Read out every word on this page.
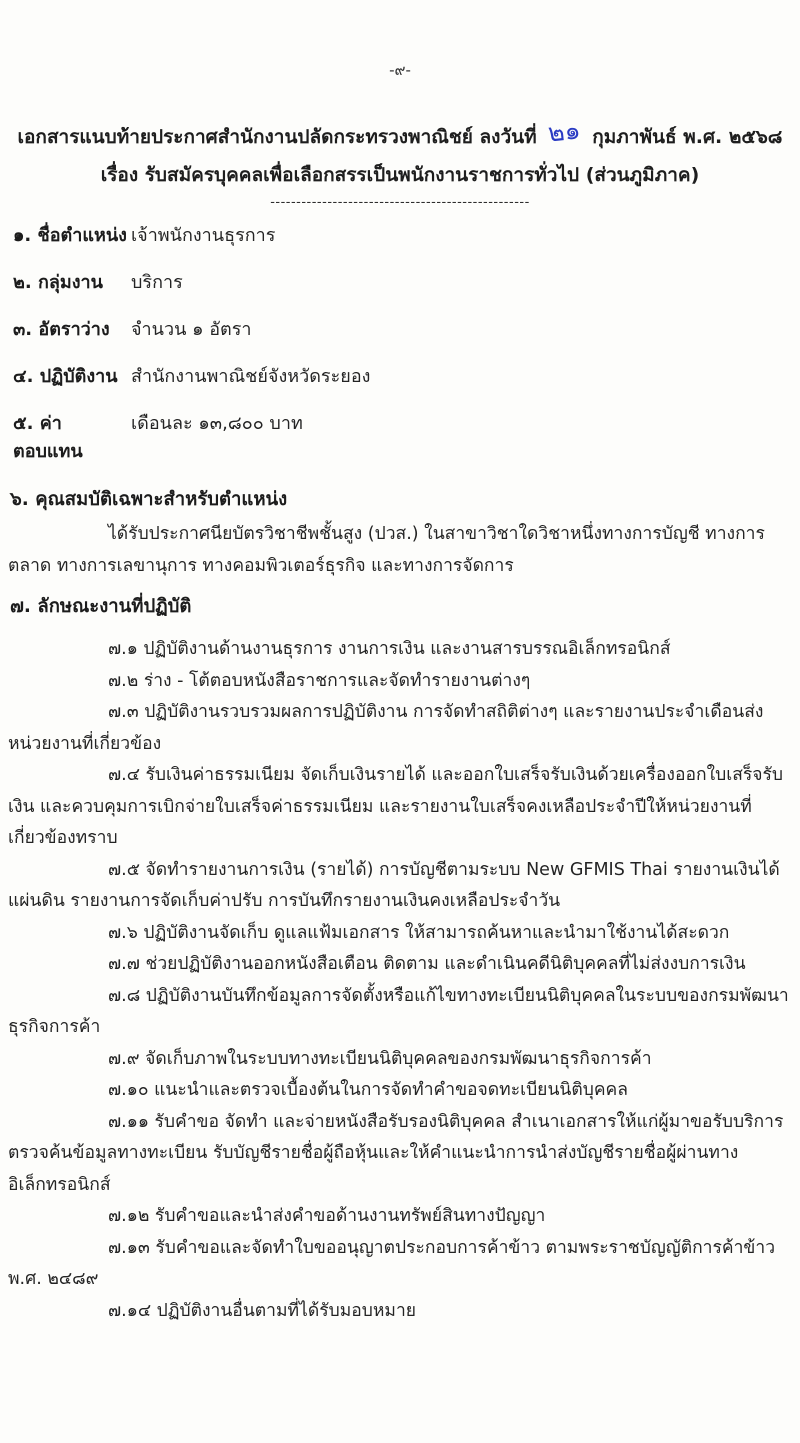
-๙-
เอกสารแนบท้ายประกาศสำนักงานปลัดกระทรวงพาณิชย์ ลงวันที่ ๒๑ กุมภาพันธ์ พ.ศ. ๒๕๖๘
เรื่อง รับสมัครบุคคลเพื่อเลือกสรรเป็นพนักงานราชการทั่วไป (ส่วนภูมิภาค)
--------------------------------------------------
๑. ชื่อตำแหน่ง เจ้าพนักงานธุรการ
๒. กลุ่มงาน	บริการ
๓. อัตราว่าง	จำนวน ๑ อัตรา
๔. ปฏิบัติงาน สำนักงานพาณิชย์จังหวัดระยอง
๕. ค่าตอบแทน
เดือนละ ๑๓,๘๐๐ บาท
๖. คุณสมบัติเฉพาะสำหรับตำแหน่ง

ได้รับประกาศนียบัตรวิชาชีพชั้นสูง (ปวส.) ในสาขาวิชาใดวิชาหนึ่งทางการบัญชี ทางการตลาด ทางการเลขานุการ ทางคอมพิวเตอร์ธุรกิจ และทางการจัดการ

๗. ลักษณะงานที่ปฏิบัติ

๗.๑ ปฏิบัติงานด้านงานธุรการ งานการเงิน และงานสารบรรณอิเล็กทรอนิกส์

๗.๒ ร่าง - โต้ตอบหนังสือราชการและจัดทำรายงานต่างๆ

๗.๓ ปฏิบัติงานรวบรวมผลการปฏิบัติงาน การจัดทำสถิติต่างๆ และรายงานประจำเดือนส่งหน่วยงานที่เกี่ยวข้อง

๗.๔ รับเงินค่าธรรมเนียม จัดเก็บเงินรายได้ และออกใบเสร็จรับเงินด้วยเครื่องออกใบเสร็จรับเงิน และควบคุมการเบิกจ่ายใบเสร็จค่าธรรมเนียม และรายงานใบเสร็จคงเหลือประจำปีให้หน่วยงานที่เกี่ยวข้องทราบ

๗.๕ จัดทำรายงานการเงิน (รายได้) การบัญชีตามระบบ New GFMIS Thai รายงานเงินได้แผ่นดิน รายงานการจัดเก็บค่าปรับ การบันทึกรายงานเงินคงเหลือประจำวัน

๗.๖ ปฏิบัติงานจัดเก็บ ดูแลแฟ้มเอกสาร ให้สามารถค้นหาและนำมาใช้งานได้สะดวก

๗.๗ ช่วยปฏิบัติงานออกหนังสือเตือน ติดตาม และดำเนินคดีนิติบุคคลที่ไม่ส่งงบการเงิน

๗.๘ ปฏิบัติงานบันทึกข้อมูลการจัดตั้งหรือแก้ไขทางทะเบียนนิติบุคคลในระบบของกรมพัฒนาธุรกิจการค้า

๗.๙ จัดเก็บภาพในระบบทางทะเบียนนิติบุคคลของกรมพัฒนาธุรกิจการค้า

๗.๑๐ แนะนำและตรวจเบื้องต้นในการจัดทำคำขอจดทะเบียนนิติบุคคล

๗.๑๑ รับคำขอ จัดทำ และจ่ายหนังสือรับรองนิติบุคคล สำเนาเอกสารให้แก่ผู้มาขอรับบริการตรวจค้นข้อมูลทางทะเบียน รับบัญชีรายชื่อผู้ถือหุ้นและให้คำแนะนำการนำส่งบัญชีรายชื่อผู้ผ่านทางอิเล็กทรอนิกส์

๗.๑๒ รับคำขอและนำส่งคำขอด้านงานทรัพย์สินทางปัญญา

๗.๑๓ รับคำขอและจัดทำใบขออนุญาตประกอบการค้าข้าว ตามพระราชบัญญัติการค้าข้าว พ.ศ. ๒๔๘๙

๗.๑๔ ปฏิบัติงานอื่นตามที่ได้รับมอบหมาย
